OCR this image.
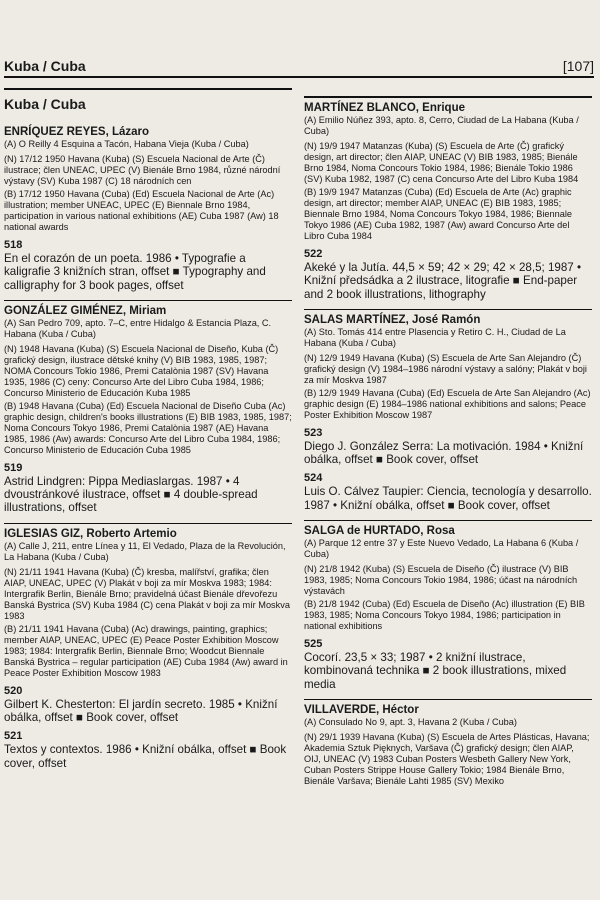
Kuba / Cuba	[107]
Kuba / Cuba
ENRÍQUEZ REYES, Lázaro
(A) O Reilly 4 Esquina a Tacón, Habana Vieja (Kuba / Cuba)
(N) 17/12 1950 Havana (Kuba) (S) Escuela Nacional de Arte (Č) ilustrace; člen UNEAC, UPEC (V) Bienále Brno 1984, různé národní výstavy (SV) Kuba 1987 (C) 18 národních cen
(B) 17/12 1950 Havana (Cuba) (Ed) Escuela Nacional de Arte (Ac) illustration; member UNEAC, UPEC (E) Biennale Brno 1984, participation in various national exhibitions (AE) Cuba 1987 (Aw) 18 national awards
518
En el corazón de un poeta. 1986 • Typografie a kaligrafie 3 knižních stran, offset ■ Typography and calligraphy for 3 book pages, offset
GONZÁLEZ GIMÉNEZ, Miriam
(A) San Pedro 709, apto. 7–C, entre Hidalgo & Estancia Plaza, C. Habana (Kuba / Cuba)
(N) 1948 Havana (Kuba) (S) Escuela Nacional de Diseño, Kuba (Č) grafický design, ilustrace dětské knihy (V) BIB 1983, 1985, 1987; NOMA Concours Tokio 1986, Premi Catalònia 1987 (SV) Havana 1935, 1986 (C) ceny: Concurso Arte del Libro Cuba 1984, 1986; Concurso Ministerio de Educación Kuba 1985
(B) 1948 Havana (Cuba) (Ed) Escuela Nacional de Diseño Cuba (Ac) graphic design, children's books illustrations (E) BIB 1983, 1985, 1987; Noma Concours Tokyo 1986, Premi Catalònia 1987 (AE) Havana 1985, 1986 (Aw) awards: Concurso Arte del Libro Cuba 1984, 1986; Concurso Ministerio de Educación Cuba 1985
519
Astrid Lindgren: Pippa Mediaslargas. 1987 • 4 dvoustránkové ilustrace, offset ■ 4 double-spread illustrations, offset
IGLESIAS GIZ, Roberto Artemio
(A) Calle J, 211, entre Línea y 11, El Vedado, Plaza de la Revolución, La Habana (Kuba / Cuba)
(N) 21/11 1941 Havana (Kuba) (Č) kresba, malířství, grafika; člen AIAP, UNEAC, UPEC (V) Plakát v boji za mír Moskva 1983; 1984: Intergrafik Berlin, Bienále Brno; pravidelná účast Bienále dřevořezu Banská Bystrica (SV) Kuba 1984 (C) cena Plakát v boji za mír Moskva 1983
(B) 21/11 1941 Havana (Cuba) (Ac) drawings, painting, graphics; member AIAP, UNEAC, UPEC (E) Peace Poster Exhibition Moscow 1983; 1984: Intergrafik Berlin, Biennale Brno; Woodcut Biennale Banská Bystrica – regular participation (AE) Cuba 1984 (Aw) award in Peace Poster Exhibition Moscow 1983
520
Gilbert K. Chesterton: El jardín secreto. 1985 • Knižní obálka, offset ■ Book cover, offset
521
Textos y contextos. 1986 • Knižní obálka, offset ■ Book cover, offset
MARTÍNEZ BLANCO, Enrique
(A) Emilio Núñez 393, apto. 8, Cerro, Ciudad de La Habana (Kuba / Cuba)
(N) 19/9 1947 Matanzas (Kuba) (S) Escuela de Arte (Č) grafický design, art director; člen AIAP, UNEAC (V) BIB 1983, 1985; Bienále Brno 1984, Noma Concours Tokio 1984, 1986; Bienále Tokio 1986 (SV) Kuba 1982, 1987 (C) cena Concurso Arte del Libro Kuba 1984
(B) 19/9 1947 Matanzas (Cuba) (Ed) Escuela de Arte (Ac) graphic design, art director; member AIAP, UNEAC (E) BIB 1983, 1985; Biennale Brno 1984, Noma Concours Tokyo 1984, 1986; Biennale Tokyo 1986 (AE) Cuba 1982, 1987 (Aw) award Concurso Arte del Libro Cuba 1984
522
Akeké y la Jutía. 44,5 × 59; 42 × 29; 42 × 28,5; 1987 • Knižní předsádka a 2 ilustrace, litografie ■ End-paper and 2 book illustrations, lithography
SALAS MARTÍNEZ, José Ramón
(A) Sto. Tomás 414 entre Plasencia y Retiro C. H., Ciudad de La Habana (Kuba / Cuba)
(N) 12/9 1949 Havana (Kuba) (S) Escuela de Arte San Alejandro (Č) grafický design (V) 1984–1986 národní výstavy a salóny; Plakát v boji za mír Moskva 1987
(B) 12/9 1949 Havana (Cuba) (Ed) Escuela de Arte San Alejandro (Ac) graphic design (E) 1984–1986 national exhibitions and salons; Peace Poster Exhibition Moscow 1987
523
Diego J. González Serra: La motivación. 1984 • Knižní obálka, offset ■ Book cover, offset
524
Luis O. Cálvez Taupier: Ciencia, tecnología y desarrollo. 1987 • Knižní obálka, offset ■ Book cover, offset
SALGA de HURTADO, Rosa
(A) Parque 12 entre 37 y Este Nuevo Vedado, La Habana 6 (Kuba / Cuba)
(N) 21/8 1942 (Kuba) (S) Escuela de Diseño (Č) ilustrace (V) BIB 1983, 1985; Noma Concours Tokio 1984, 1986; účast na národních výstavách
(B) 21/8 1942 (Cuba) (Ed) Escuela de Diseño (Ac) illustration (E) BIB 1983, 1985; Noma Concours Tokyo 1984, 1986; participation in national exhibitions
525
Cocorí. 23,5 × 33; 1987 • 2 knižní ilustrace, kombinovaná technika ■ 2 book illustrations, mixed media
VILLAVERDE, Héctor
(A) Consulado No 9, apt. 3, Havana 2 (Kuba / Cuba)
(N) 29/1 1939 Havana (Kuba) (S) Escuela de Artes Plásticas, Havana; Akademia Sztuk Pięknych, Varšava (Č) grafický design; člen AIAP, OIJ, UNEAC (V) 1983 Cuban Posters Wesbeth Gallery New York, Cuban Posters Strippe House Gallery Tokio; 1984 Bienále Brno, Bienále Varšava; Bienále Lahti 1985 (SV) Mexiko
